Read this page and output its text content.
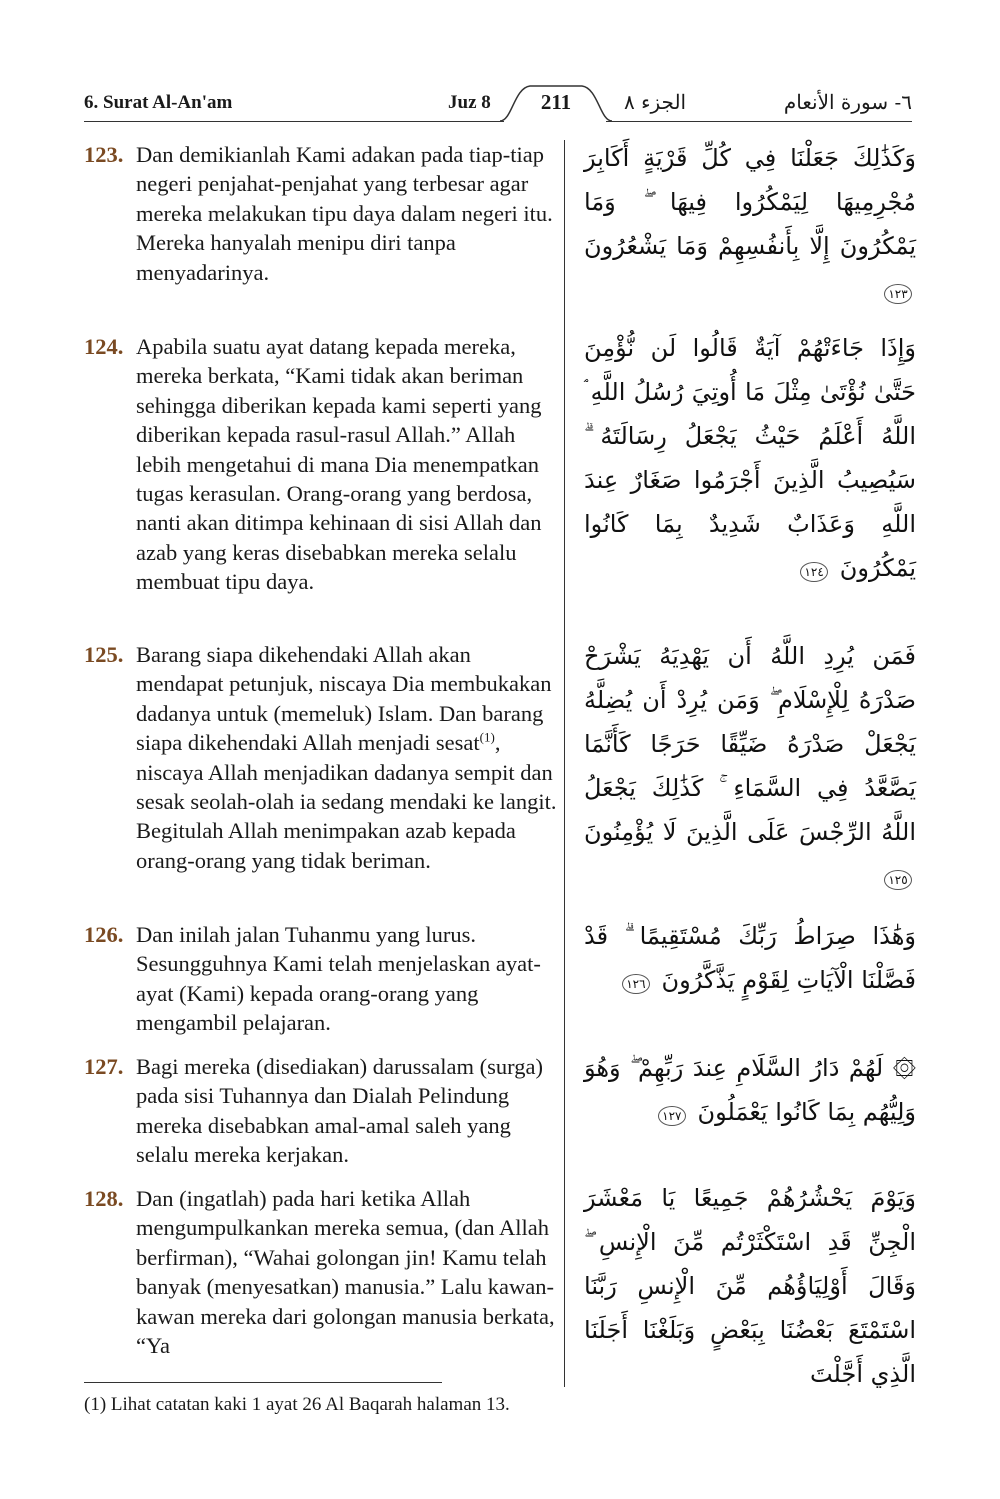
6. Surat Al-An'am	Juz 8	211	الجزء ٨	٦- سورة الأنعام
123. Dan demikianlah Kami adakan pada tiap-tiap negeri penjahat-penjahat yang terbesar agar mereka melakukan tipu daya dalam negeri itu. Mereka hanyalah menipu diri tanpa menyadarinya.
وَكَذَٰلِكَ جَعَلْنَا فِي كُلِّ قَرْيَةٍ أَكَابِرَ مُجْرِمِيهَا لِيَمْكُرُوا فِيهَا ۖ وَمَا يَمْكُرُونَ إِلَّا بِأَنفُسِهِمْ وَمَا يَشْعُرُونَ ١٢٣
124. Apabila suatu ayat datang kepada mereka, mereka berkata, “Kami tidak akan beriman sehingga diberikan kepada kami seperti yang diberikan kepada rasul-rasul Allah.” Allah lebih mengetahui di mana Dia menempatkan tugas kerasulan. Orang-orang yang berdosa, nanti akan ditimpa kehinaan di sisi Allah dan azab yang keras disebabkan mereka selalu membuat tipu daya.
وَإِذَا جَاءَتْهُمْ آيَةٌ قَالُوا لَن نُّؤْمِنَ حَتَّىٰ نُؤْتَىٰ مِثْلَ مَا أُوتِيَ رُسُلُ اللَّهِ ۘ اللَّهُ أَعْلَمُ حَيْثُ يَجْعَلُ رِسَالَتَهُ ۗ سَيُصِيبُ الَّذِينَ أَجْرَمُوا صَغَارٌ عِندَ اللَّهِ وَعَذَابٌ شَدِيدٌ بِمَا كَانُوا يَمْكُرُونَ ١٢٤
125. Barang siapa dikehendaki Allah akan mendapat petunjuk, niscaya Dia membukakan dadanya untuk (memeluk) Islam. Dan barang siapa dikehendaki Allah menjadi sesat$^{(1)}$, niscaya Allah menjadikan dadanya sempit dan sesak seolah-olah ia sedang mendaki ke langit. Begitulah Allah menimpakan azab kepada orang-orang yang tidak beriman.
فَمَن يُرِدِ اللَّهُ أَن يَهْدِيَهُ يَشْرَحْ صَدْرَهُ لِلْإِسْلَامِ ۖ وَمَن يُرِدْ أَن يُضِلَّهُ يَجْعَلْ صَدْرَهُ ضَيِّقًا حَرَجًا كَأَنَّمَا يَصَّعَّدُ فِي السَّمَاءِ ۚ كَذَٰلِكَ يَجْعَلُ اللَّهُ الرِّجْسَ عَلَى الَّذِينَ لَا يُؤْمِنُونَ ١٢٥
126. Dan inilah jalan Tuhanmu yang lurus. Sesungguhnya Kami telah menjelaskan ayat-ayat (Kami) kepada orang-orang yang mengambil pelajaran.
وَهَٰذَا صِرَاطُ رَبِّكَ مُسْتَقِيمًا ۗ قَدْ فَصَّلْنَا الْآيَاتِ لِقَوْمٍ يَذَّكَّرُونَ ١٢٦
127. Bagi mereka (disediakan) darussalam (surga) pada sisi Tuhannya dan Dialah Pelindung mereka disebabkan amal-amal saleh yang selalu mereka kerjakan.
۞ لَهُمْ دَارُ السَّلَامِ عِندَ رَبِّهِمْ ۖ وَهُوَ وَلِيُّهُم بِمَا كَانُوا يَعْمَلُونَ ١٢٧
128. Dan (ingatlah) pada hari ketika Allah mengumpulkankan mereka semua, (dan Allah berfirman), “Wahai golongan jin! Kamu telah banyak (menyesatkan) manusia.” Lalu kawan-kawan mereka dari golongan manusia berkata, “Ya
وَيَوْمَ يَحْشُرُهُمْ جَمِيعًا يَا مَعْشَرَ الْجِنِّ قَدِ اسْتَكْثَرْتُم مِّنَ الْإِنسِ ۖ وَقَالَ أَوْلِيَاؤُهُم مِّنَ الْإِنسِ رَبَّنَا اسْتَمْتَعَ بَعْضُنَا بِبَعْضٍ وَبَلَغْنَا أَجَلَنَا الَّذِي أَجَّلْتَ
(1) Lihat catatan kaki 1 ayat 26 Al Baqarah halaman 13.
